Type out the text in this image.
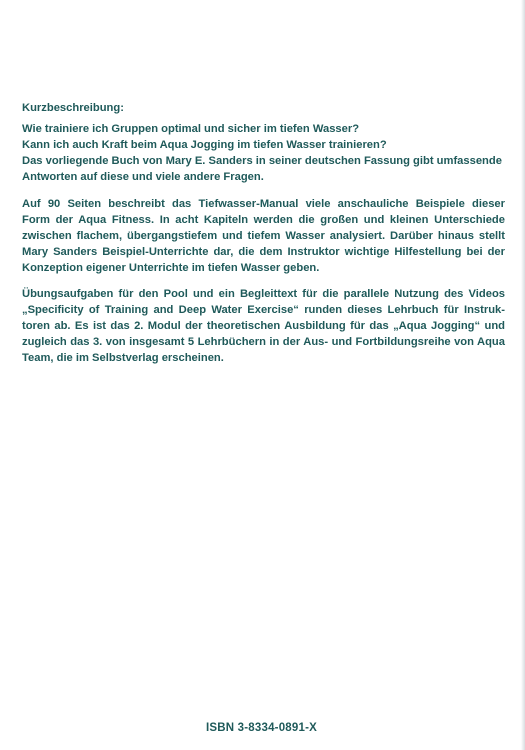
Kurzbeschreibung:

Wie trainiere ich Gruppen optimal und sicher im tiefen Wasser?
Kann ich auch Kraft beim Aqua Jogging im tiefen Wasser trainieren?
Das vorliegende Buch von Mary E. Sanders in seiner deutschen Fassung gibt umfassende
Antworten auf diese und viele andere Fragen.

Auf 90 Seiten beschreibt das Tiefwasser-Manual viele anschauliche Beispiele dieser
Form der Aqua Fitness. In acht Kapiteln werden die großen und kleinen Unterschiede
zwischen flachem, übergangstiefem und tiefem Wasser analysiert. Darüber hinaus stellt
Mary Sanders Beispiel-Unterrichte dar, die dem Instruktor wichtige Hilfestellung bei der
Konzeption eigener Unterrichte im tiefen Wasser geben.

Übungsaufgaben für den Pool und ein Begleittext für die parallele Nutzung des Videos
„Specificity of Training and Deep Water Exercise“ runden dieses Lehrbuch für Instruk-
toren ab. Es ist das 2. Modul der theoretischen Ausbildung für das „Aqua Jogging“ und
zugleich das 3. von insgesamt 5 Lehrbüchern in der Aus- und Fortbildungsreihe von Aqua
Team, die im Selbstverlag erscheinen.

ISBN 3-8334-0891-X
